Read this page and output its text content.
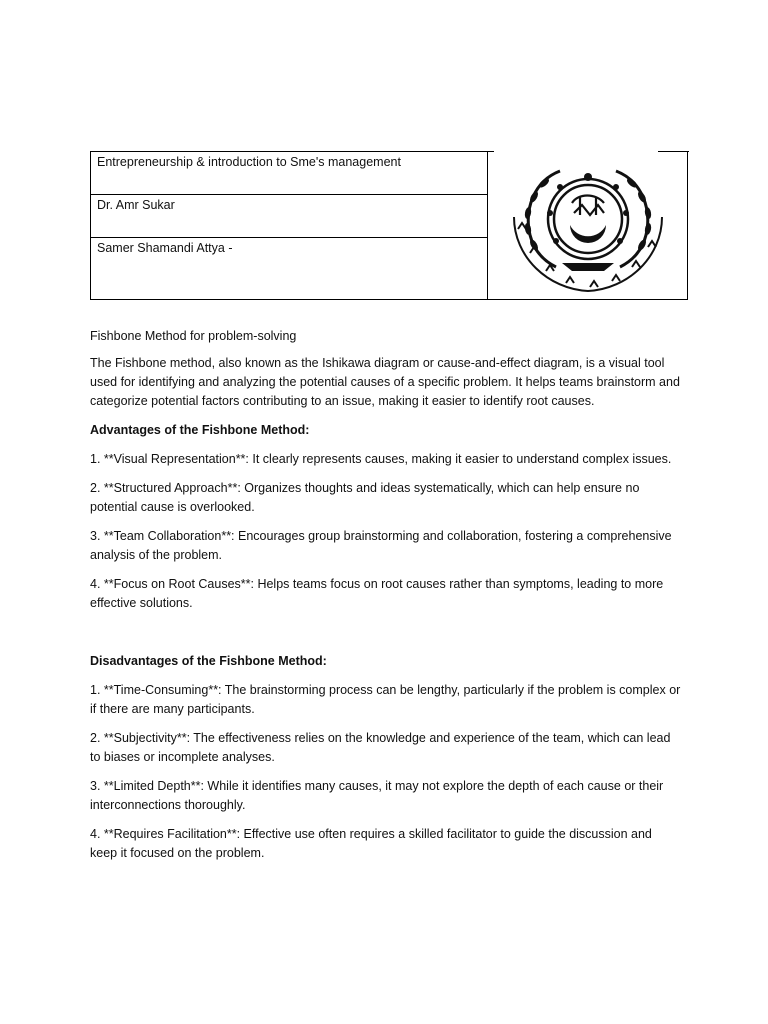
Entrepreneurship & introduction to Sme's management
Dr. Amr Sukar
Samer Shamandi Attya -

Fishbone Method for problem-solving

The Fishbone method, also known as the Ishikawa diagram or cause-and-effect diagram, is a visual tool used for identifying and analyzing the potential causes of a specific problem. It helps teams brainstorm and categorize potential factors contributing to an issue, making it easier to identify root causes.

Advantages of the Fishbone Method:

1. **Visual Representation**: It clearly represents causes, making it easier to understand complex issues.

2. **Structured Approach**: Organizes thoughts and ideas systematically, which can help ensure no potential cause is overlooked.

3. **Team Collaboration**: Encourages group brainstorming and collaboration, fostering a comprehensive analysis of the problem.

4. **Focus on Root Causes**: Helps teams focus on root causes rather than symptoms, leading to more effective solutions.

Disadvantages of the Fishbone Method:

1. **Time-Consuming**: The brainstorming process can be lengthy, particularly if the problem is complex or if there are many participants.

2. **Subjectivity**: The effectiveness relies on the knowledge and experience of the team, which can lead to biases or incomplete analyses.

3. **Limited Depth**: While it identifies many causes, it may not explore the depth of each cause or their interconnections thoroughly.

4. **Requires Facilitation**: Effective use often requires a skilled facilitator to guide the discussion and keep it focused on the problem.
